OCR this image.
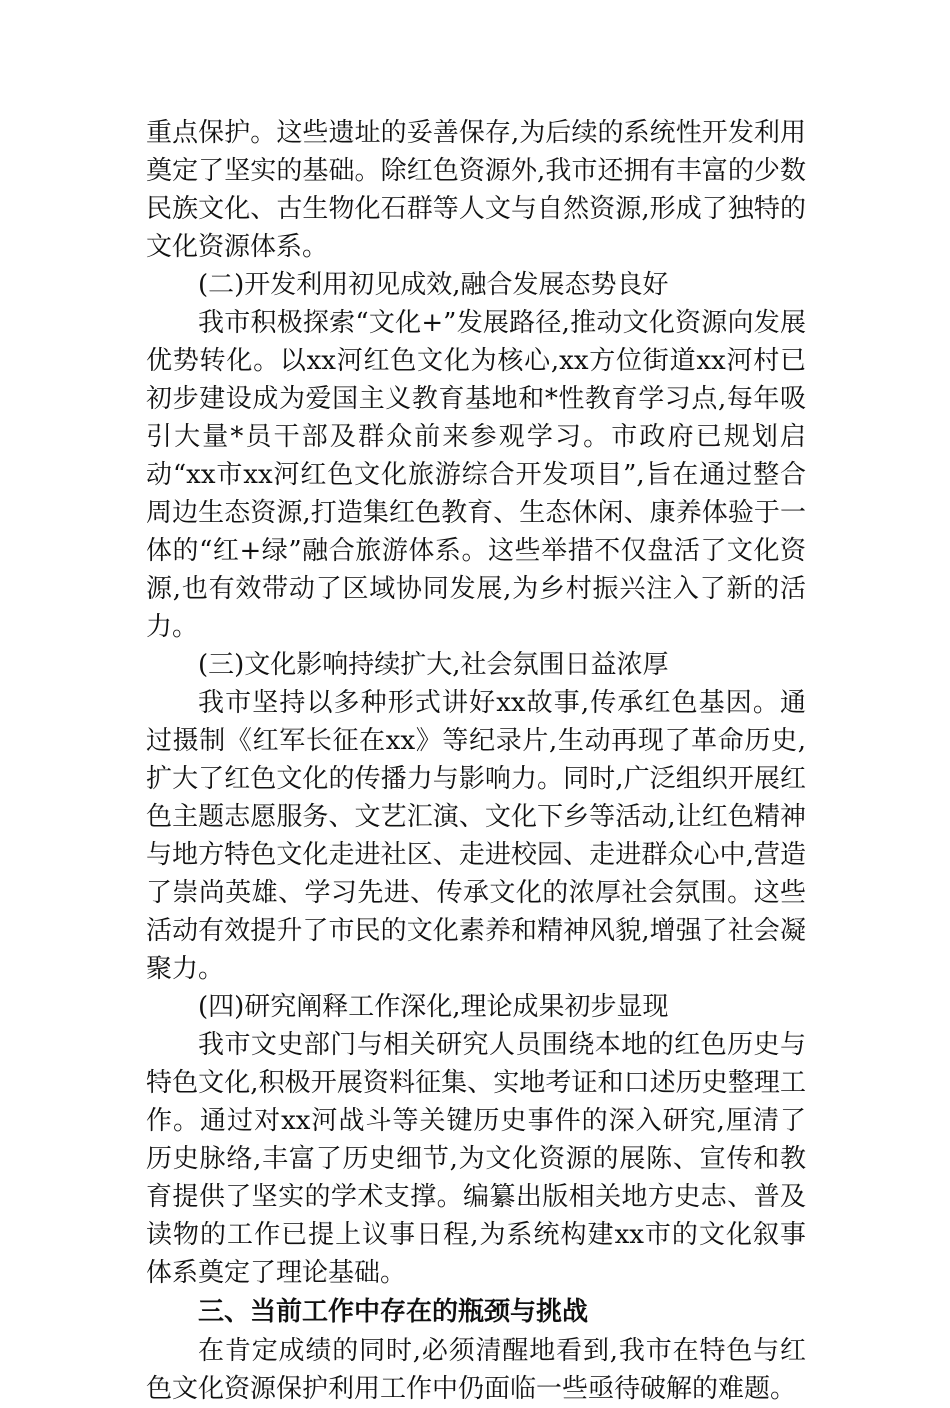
重点保护。这些遗址的妥善保存,为后续的系统性开发利用奠定了坚实的基础。除红色资源外,我市还拥有丰富的少数民族文化、古生物化石群等人文与自然资源,形成了独特的文化资源体系。

(二)开发利用初见成效,融合发展态势良好

我市积极探索“文化+”发展路径,推动文化资源向发展优势转化。以xx河红色文化为核心,xx方位街道xx河村已初步建设成为爱国主义教育基地和*性教育学习点,每年吸引大量*员干部及群众前来参观学习。市政府已规划启动“xx市xx河红色文化旅游综合开发项目”,旨在通过整合周边生态资源,打造集红色教育、生态休闲、康养体验于一体的“红+绿”融合旅游体系。这些举措不仅盘活了文化资源,也有效带动了区域协同发展,为乡村振兴注入了新的活力。

(三)文化影响持续扩大,社会氛围日益浓厚

我市坚持以多种形式讲好xx故事,传承红色基因。通过摄制《红军长征在xx》等纪录片,生动再现了革命历史,扩大了红色文化的传播力与影响力。同时,广泛组织开展红色主题志愿服务、文艺汇演、文化下乡等活动,让红色精神与地方特色文化走进社区、走进校园、走进群众心中,营造了崇尚英雄、学习先进、传承文化的浓厚社会氛围。这些活动有效提升了市民的文化素养和精神风貌,增强了社会凝聚力。

(四)研究阐释工作深化,理论成果初步显现

我市文史部门与相关研究人员围绕本地的红色历史与特色文化,积极开展资料征集、实地考证和口述历史整理工作。通过对xx河战斗等关键历史事件的深入研究,厘清了历史脉络,丰富了历史细节,为文化资源的展陈、宣传和教育提供了坚实的学术支撑。编纂出版相关地方史志、普及读物的工作已提上议事日程,为系统构建xx市的文化叙事体系奠定了理论基础。

三、当前工作中存在的瓶颈与挑战

在肯定成绩的同时,必须清醒地看到,我市在特色与红色文化资源保护利用工作中仍面临一些亟待破解的难题。
